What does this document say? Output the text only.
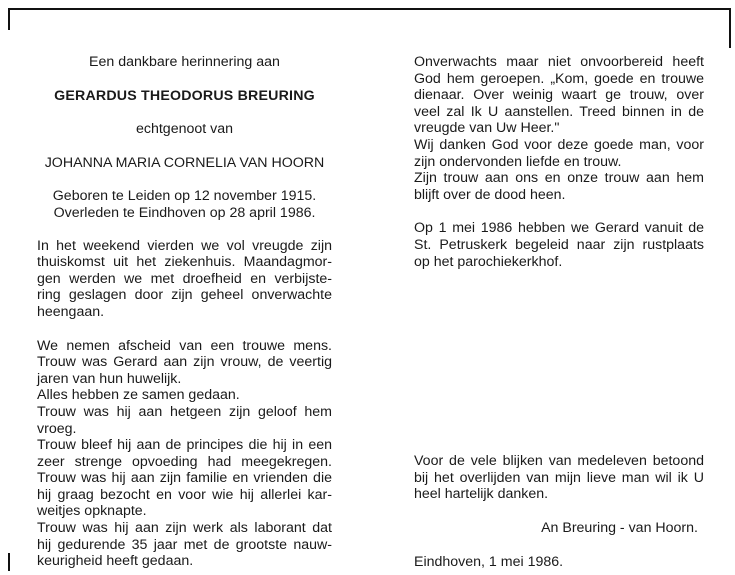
Een dankbare herinnering aan
GERARDUS THEODORUS BREURING
echtgenoot van
JOHANNA MARIA CORNELIA VAN HOORN
Geboren te Leiden op 12 november 1915.
Overleden te Eindhoven op 28 april 1986.
In het weekend vierden we vol vreugde zijn
thuiskomst uit het ziekenhuis. Maandagmor-
gen werden we met droefheid en verbijste-
ring geslagen door zijn geheel onverwachte
heengaan.
We nemen afscheid van een trouwe mens.
Trouw was Gerard aan zijn vrouw, de veertig
jaren van hun huwelijk.
Alles hebben ze samen gedaan.
Trouw was hij aan hetgeen zijn geloof hem
vroeg.
Trouw bleef hij aan de principes die hij in een
zeer strenge opvoeding had meegekregen.
Trouw was hij aan zijn familie en vrienden die
hij graag bezocht en voor wie hij allerlei kar-
weitjes opknapte.
Trouw was hij aan zijn werk als laborant dat
hij gedurende 35 jaar met de grootste nauw-
keurigheid heeft gedaan.
Onverwachts maar niet onvoorbereid heeft
God hem geroepen. „Kom, goede en trouwe
dienaar. Over weinig waart ge trouw, over
veel zal Ik U aanstellen. Treed binnen in de
vreugde van Uw Heer."
Wij danken God voor deze goede man, voor
zijn ondervonden liefde en trouw.
Zijn trouw aan ons en onze trouw aan hem
blijft over de dood heen.
Op 1 mei 1986 hebben we Gerard vanuit de
St. Petruskerk begeleid naar zijn rustplaats
op het parochiekerkhof.
Voor de vele blijken van medeleven betoond
bij het overlijden van mijn lieve man wil ik U
heel hartelijk danken.
An Breuring - van Hoorn.
Eindhoven, 1 mei 1986.
